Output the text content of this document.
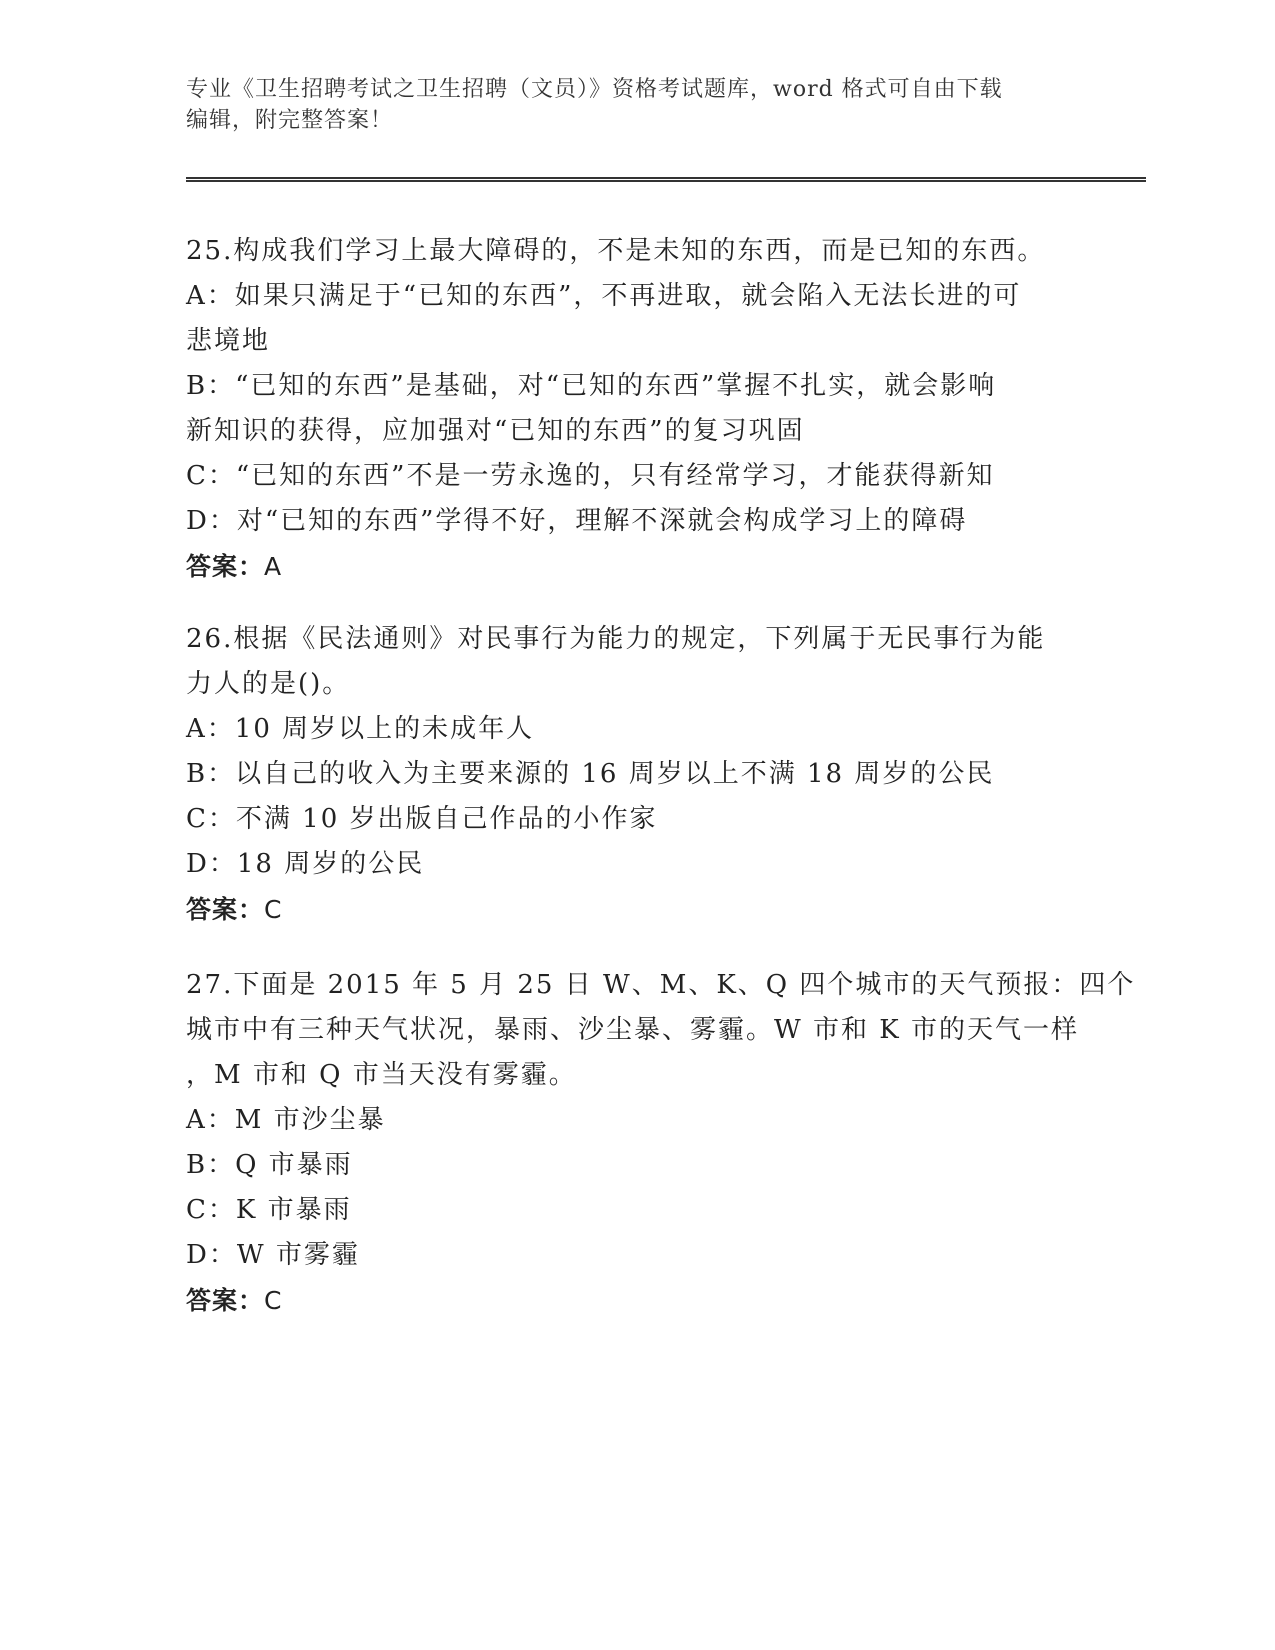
专业《卫生招聘考试之卫生招聘（文员）》资格考试题库，word 格式可自由下载
编辑，附完整答案！
25.构成我们学习上最大障碍的，不是未知的东西，而是已知的东西。
A：如果只满足于“已知的东西”，不再进取，就会陷入无法长进的可
悲境地
B：“已知的东西”是基础，对“已知的东西”掌握不扎实，就会影响
新知识的获得，应加强对“已知的东西”的复习巩固
C：“已知的东西”不是一劳永逸的，只有经常学习，才能获得新知
D：对“已知的东西”学得不好，理解不深就会构成学习上的障碍
答案：A
26.根据《民法通则》对民事行为能力的规定，下列属于无民事行为能
力人的是()。
A：10 周岁以上的未成年人
B：以自己的收入为主要来源的 16 周岁以上不满 18 周岁的公民
C：不满 10 岁出版自己作品的小作家
D：18 周岁的公民
答案：C
27.下面是 2015 年 5 月 25 日 W、M、K、Q 四个城市的天气预报：四个
城市中有三种天气状况，暴雨、沙尘暴、雾霾。W 市和 K 市的天气一样
，M 市和 Q 市当天没有雾霾。
A：M 市沙尘暴
B：Q 市暴雨
C：K 市暴雨
D：W 市雾霾
答案：C
